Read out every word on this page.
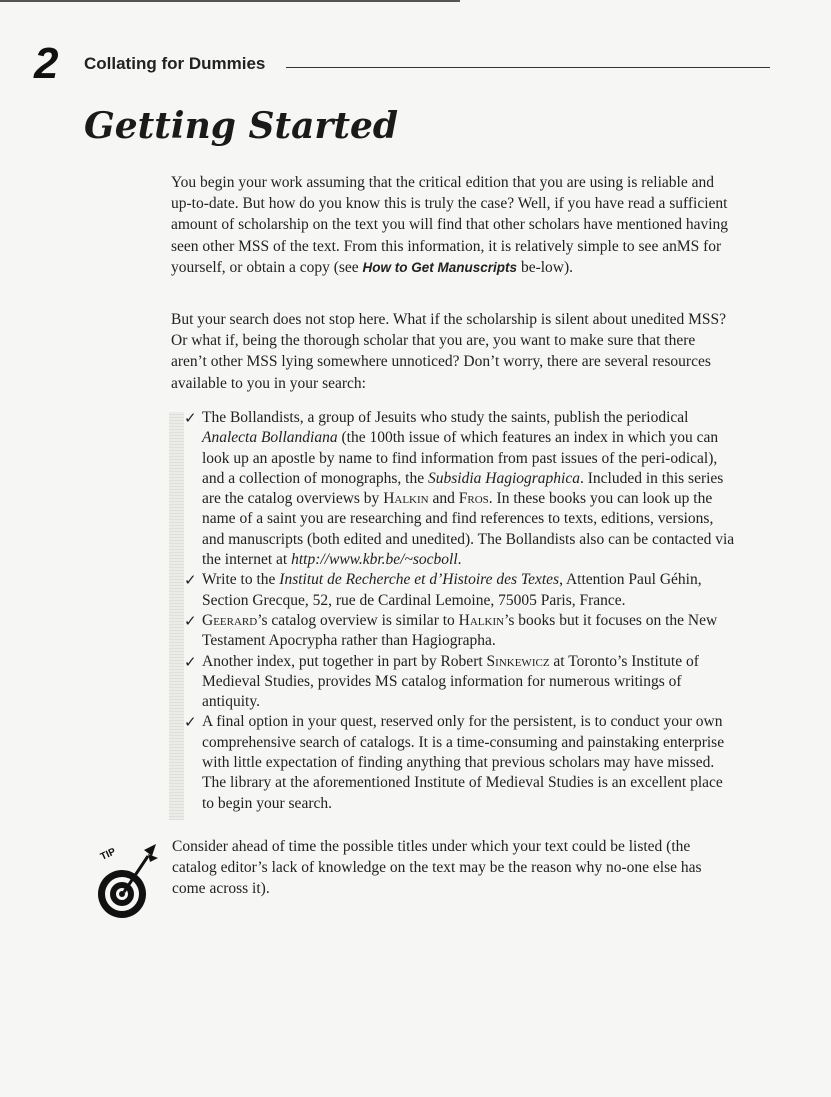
2 Collating for Dummies
Getting Started

You begin your work assuming that the critical edition that you are using is reliable and up-to-date. But how do you know this is truly the case? Well, if you have read a sufficient amount of scholarship on the text you will find that other scholars have mentioned having seen other MSS of the text. From this information, it is relatively simple to see anMS for yourself, or obtain a copy (see How to Get Manuscripts be-low).

But your search does not stop here. What if the scholarship is silent about unedited MSS? Or what if, being the thorough scholar that you are, you want to make sure that there aren’t other MSS lying somewhere unnoticed? Don’t worry, there are several resources available to you in your search:

✓ The Bollandists, a group of Jesuits who study the saints, publish the periodical Analecta Bollandiana (the 100th issue of which features an index in which you can look up an apostle by name to find information from past issues of the peri-odical), and a collection of monographs, the Subsidia Hagiographica. Included in this series are the catalog overviews by Halkin and Fros. In these books you can look up the name of a saint you are researching and find references to texts, editions, versions, and manuscripts (both edited and unedited). The Bollandists also can be contacted via the internet at http://www.kbr.be/~socboll.
✓ Write to the Institut de Recherche et d’Histoire des Textes, Attention Paul Géhin, Section Grecque, 52, rue de Cardinal Lemoine, 75005 Paris, France.
✓ Geerard’s catalog overview is similar to Halkin’s books but it focuses on the New Testament Apocrypha rather than Hagiographa.
✓ Another index, put together in part by Robert Sinkewicz at Toronto’s Institute of Medieval Studies, provides MS catalog information for numerous writings of antiquity.
✓ A final option in your quest, reserved only for the persistent, is to conduct your own comprehensive search of catalogs. It is a time-consuming and painstaking enterprise with little expectation of finding anything that previous scholars may have missed. The library at the aforementioned Institute of Medieval Studies is an excellent place to begin your search.
TIP	Consider ahead of time the possible titles under which your text could be listed (the catalog editor’s lack of knowledge on the text may be the reason why no-one else has come across it).
